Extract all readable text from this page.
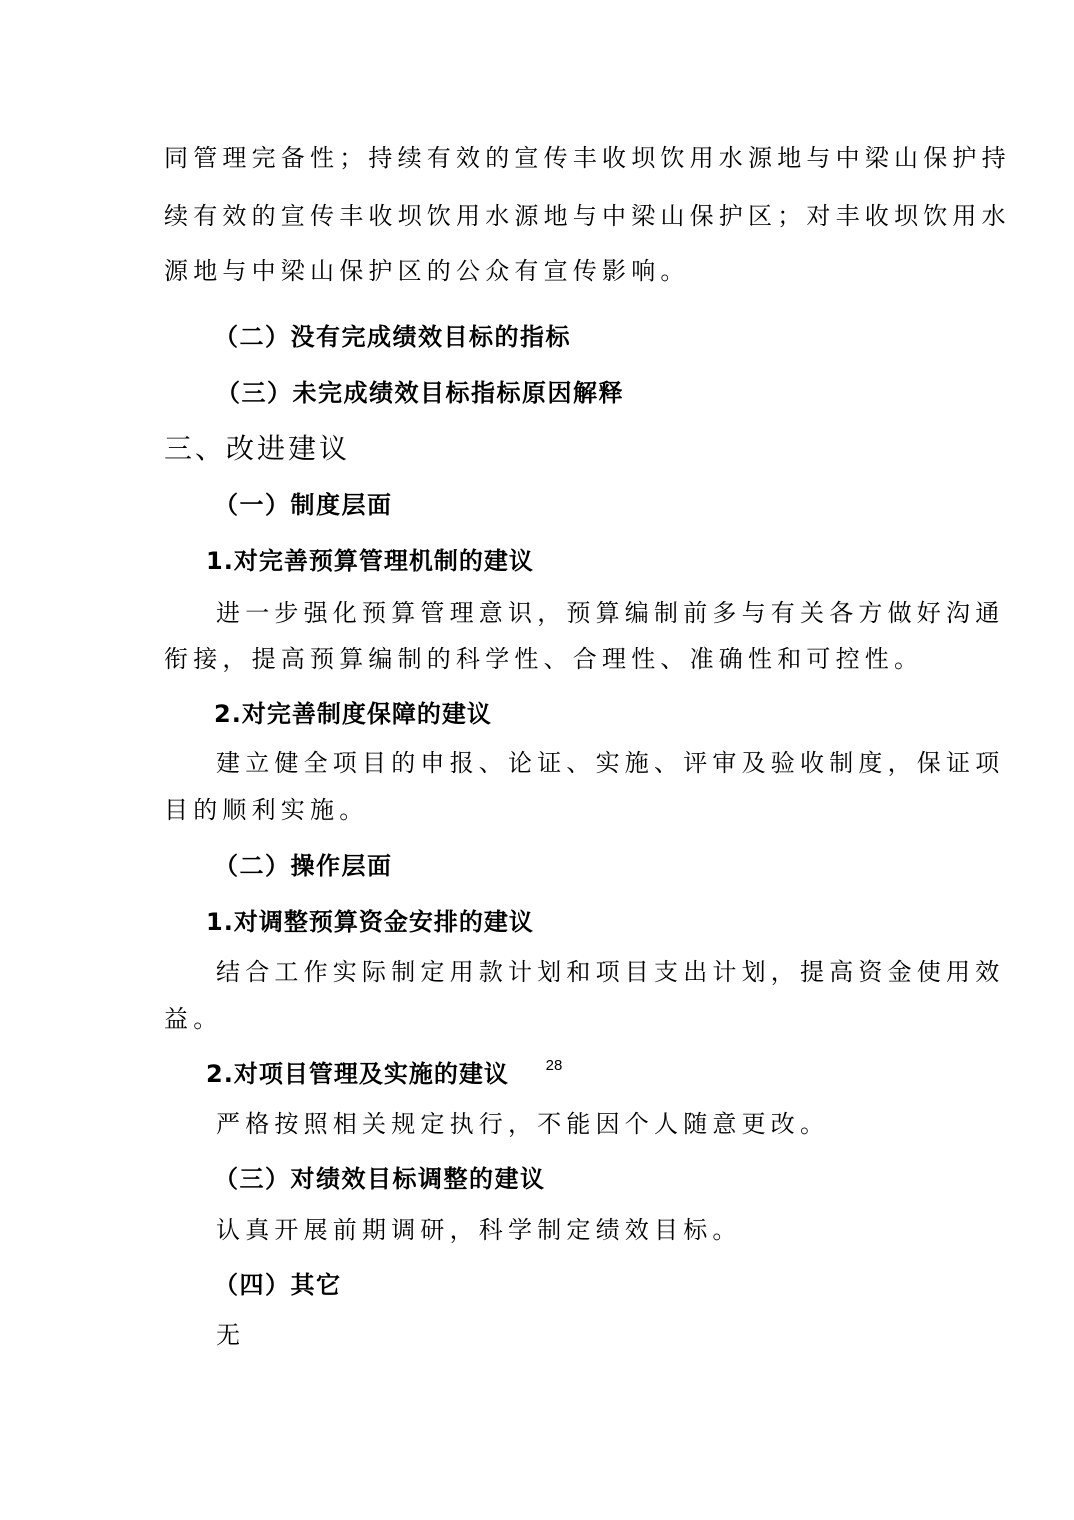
同管理完备性；持续有效的宣传丰收坝饮用水源地与中梁山保护持
续有效的宣传丰收坝饮用水源地与中梁山保护区；对丰收坝饮用水
源地与中梁山保护区的公众有宣传影响。
（二）没有完成绩效目标的指标
（三）未完成绩效目标指标原因解释
三、改进建议
（一）制度层面
1.对完善预算管理机制的建议
进一步强化预算管理意识，预算编制前多与有关各方做好沟通
衔接，提高预算编制的科学性、合理性、准确性和可控性。
2.对完善制度保障的建议
建立健全项目的申报、论证、实施、评审及验收制度，保证项
目的顺利实施。
（二）操作层面
1.对调整预算资金安排的建议
结合工作实际制定用款计划和项目支出计划，提高资金使用效
益。
2.对项目管理及实施的建议
严格按照相关规定执行，不能因个人随意更改。
（三）对绩效目标调整的建议
认真开展前期调研，科学制定绩效目标。
（四）其它
无
28
